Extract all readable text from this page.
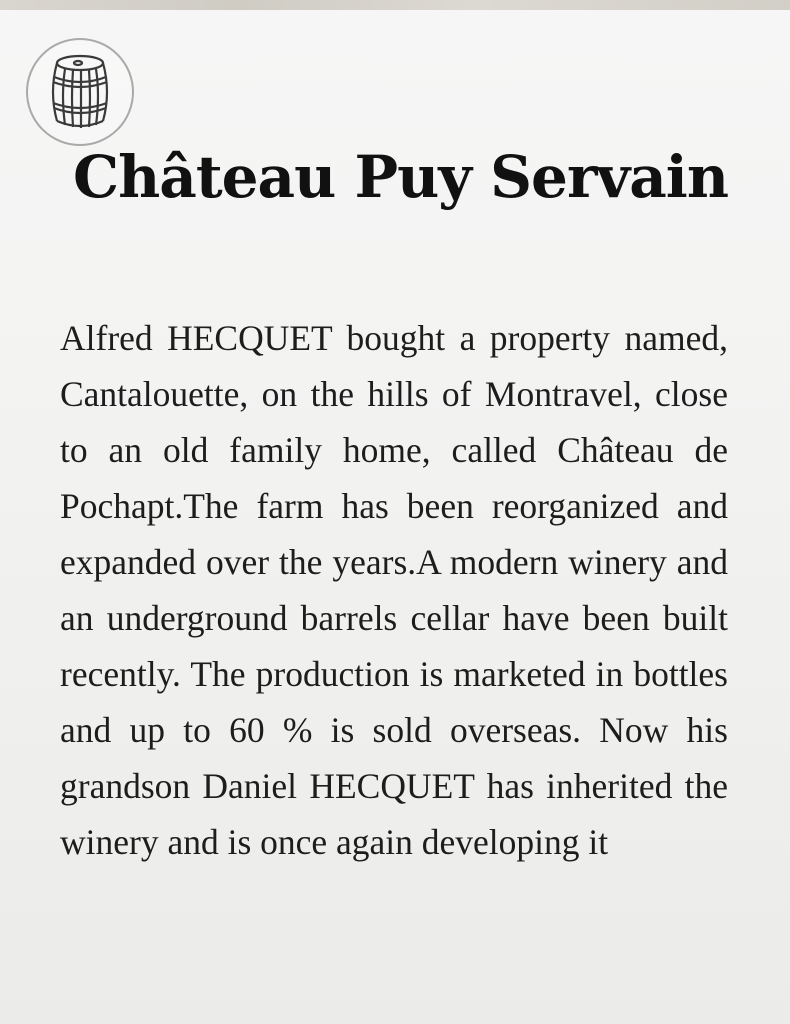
Château Puy Servain

Alfred HECQUET bought a property named, Cantalouette, on the hills of Montravel, close to an old family home, called Château de Pochapt.The farm has been reorganized and expanded over the years.A modern winery and an underground barrels cellar have been built recently. The production is marketed in bottles and up to 60 % is sold overseas. Now his grandson Daniel HECQUET has inherited the winery and is once again developing it
